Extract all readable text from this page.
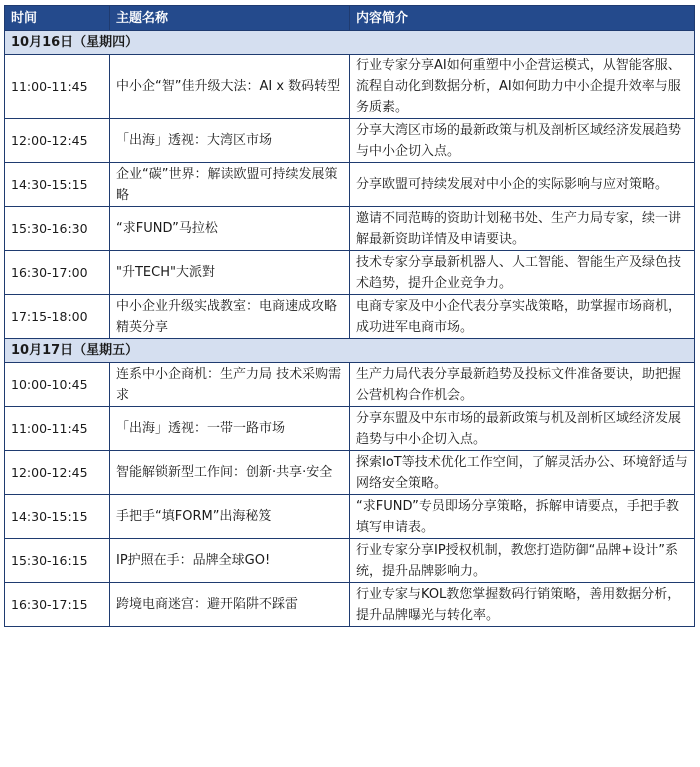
时间	主题名称	内容简介
10月16日（星期四）		
11:00-11:45	中小企“智”佳升级大法：AI x 数码转型	行业专家分享AI如何重塑中小企营运模式，从智能客服、流程自动化到数据分析，AI如何助力中小企提升效率与服务质素。
12:00-12:45	「出海」透视：大湾区市场	分享大湾区市场的最新政策与机及剖析区域经济发展趋势与中小企切入点。
14:30-15:15	企业“碳”世界：解读欧盟可持续发展策略	分享欧盟可持续发展对中小企的实际影响与应对策略。
15:30-16:30	“求FUND”马拉松	邀请不同范畴的资助计划秘书处、生产力局专家，续一讲解最新资助详情及申请要诀。
16:30-17:00	"升TECH"大派對	技术专家分享最新机器人、人工智能、智能生产及绿色技术趋势，提升企业竞争力。
17:15-18:00	中小企业升级实战教室：电商速成攻略精英分享	电商专家及中小企代表分享实战策略，助掌握市场商机，成功进军电商市场。
10月17日（星期五）		
10:00-10:45	连系中小企商机：生产力局 技术采购需求	生产力局代表分享最新趋势及投标文件准备要诀，助把握公营机构合作机会。
11:00-11:45	「出海」透视：一带一路市场	分享东盟及中东市场的最新政策与机及剖析区域经济发展趋势与中小企切入点。
12:00-12:45	智能解锁新型工作间：创新·共享·安全	探索IoT等技术优化工作空间，了解灵活办公、环境舒适与网络安全策略。
14:30-15:15	手把手“填FORM”出海秘笈	“求FUND”专员即场分享策略，拆解申请要点，手把手教填写申请表。
15:30-16:15	IP护照在手：品牌全球GO!	行业专家分享IP授权机制，教您打造防御“品牌+设计”系统，提升品牌影响力。
16:30-17:15	跨境电商迷宫：避开陷阱不踩雷	行业专家与KOL教您掌握数码行销策略，善用数据分析，提升品牌曝光与转化率。
